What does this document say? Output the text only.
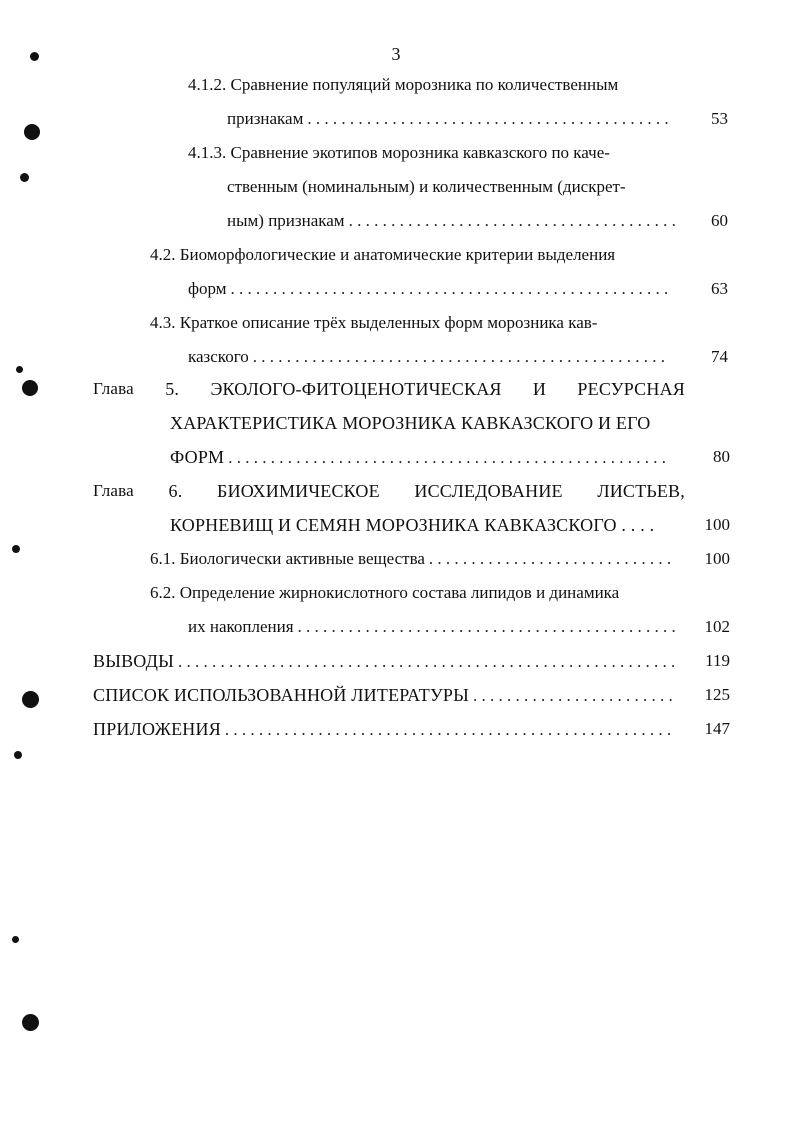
3
4.1.2. Сравнение популяций морозника по количественным
признакам . . .	53
4.1.3. Сравнение экотипов морозника кавказского по каче-
ственным (номинальным) и количественным (дискрет-
ным) признакам . . .	60
4.2. Биоморфологические и анатомические критерии выделения
форм . . .	63
4.3. Краткое описание трёх выделенных форм морозника кав-
казского . . .	74
Глава 5. ЭКОЛОГО-ФИТОЦЕНОТИЧЕСКАЯ И РЕСУРСНАЯ
ХАРАКТЕРИСТИКА МОРОЗНИКА КАВКАЗСКОГО И ЕГО
ФОРМ . . .	80
Глава 6. БИОХИМИЧЕСКОЕ ИССЛЕДОВАНИЕ ЛИСТЬЕВ,
КОРНЕВИЩ И СЕМЯН МОРОЗНИКА КАВКАЗСКОГО . . . .	100
6.1. Биологически активные вещества . . .	100
6.2. Определение жирнокислотного состава липидов и динамика
их накопления . . .	102
ВЫВОДЫ . . .	119
СПИСОК ИСПОЛЬЗОВАННОЙ ЛИТЕРАТУРЫ . . .	125
ПРИЛОЖЕНИЯ . . .	147
